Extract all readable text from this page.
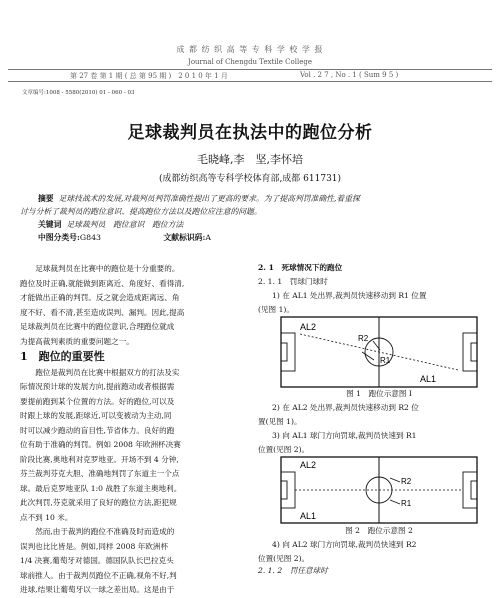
成 都 纺 织 高 等 专 科 学 校 学 报
Journal of Chengdu Textile College
第 27 卷 第 1 期 ( 总 第 95 期 )　2 0 1 0 年 1 月	Vol . 2 7 , No . 1 ( Sum 9 5 )
文章编号:1008 - 5580(2010) 01 - 060 - 03
足球裁判员在执法中的跑位分析
毛晓峰,李　坚,李怀培
(成都纺织高等专科学校体育部,成都 611731)
摘要 足球技战术的发展,对裁判员判罚准确性提出了更高的要求。为了提高判罚准确性,着重探
讨与分析了裁判员的跑位意识、提高跑位方法以及跑位应注意的问题。
关键词 足球裁判员　跑位意识　跑位方法
中图分类号:G843	文献标识码:A
足球裁判员在比赛中的跑位是十分重要的。
跑位及时正确,就能做到距离近、角度好、看得清,
才能做出正确的判罚。反之就会造成距离远、角
度不好、看不清,甚至造成误判、漏判。因此,提高
足球裁判员在比赛中的跑位意识,合理跑位就成
为提高裁判素质的重要问题之一。
1　跑位的重要性
跑位是裁判员在比赛中根据双方的打法及实
际情况预计球的发展方向,提前跑动或者根据需
要提前跑到某个位置的方法。好的跑位,可以及
时跟上球的发展,距球近,可以变被动为主动,同
时可以减少跑动的盲目性,节省体力。良好的跑
位有助于准确的判罚。例如 2008 年欧洲杯决赛
阶段比赛,奥地利对克罗地亚。开场不到 4 分钟,
芬兰裁判芬克大胆、准确地判罚了东道主一个点
球。最后克罗地亚队 1:0 战胜了东道主奥地利。
此次判罚,芬克就采用了良好的跑位方法,距犯规
点不到 10 米。
然而,由于裁判的跑位不准确及时而造成的
误判也比比皆是。例如,同样 2008 年欧洲杯
1/4 决赛,葡萄牙对德国。德国队队长巴拉克头
球前推人。由于裁判员跑位不正确,视角不好,判
进球,结果让葡萄牙以一球之差出局。这是由于
2. 1　死球情况下的跑位
2. 1. 1　罚球门球时
1) 在 AL1 处出界,裁判员快速移动到 R1 位置
(见图 1)。
AL2
AL1
R2
R1
图 1　跑位示意图 I
2) 在 AL2 处出界,裁判员快速移动到 R2 位
置(见图 1)。
3) 向 AL1 球门方向罚球,裁判员快速到 R1
位置(见图 2)。
AL2
AL1
R2
R1
图 2　跑位示意图 2
4) 向 AL2 球门方向罚球,裁判员快速到 R2
位置(见图 2)。
2. 1. 2　罚任意球时
